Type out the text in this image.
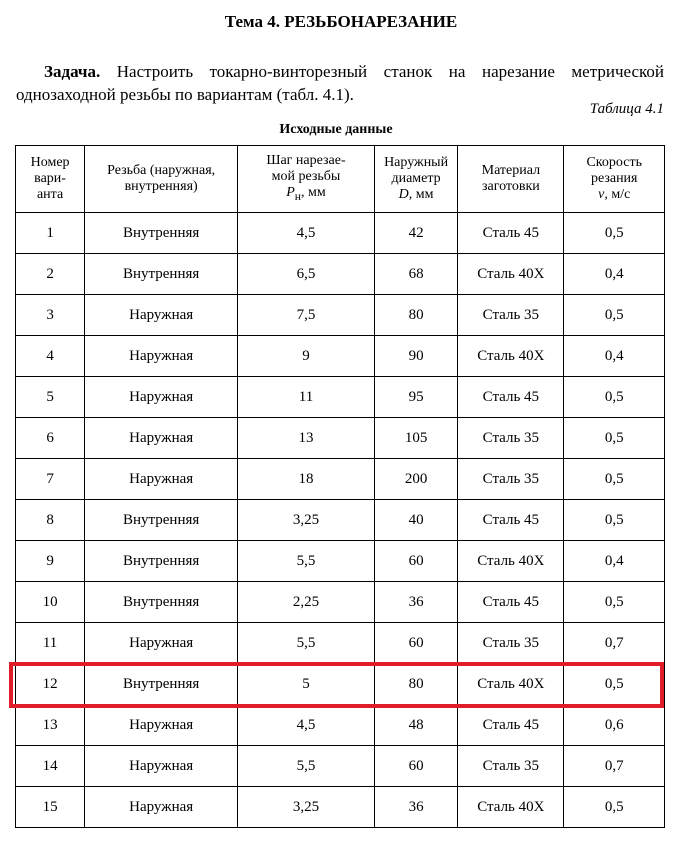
Тема 4. РЕЗЬБОНАРЕЗАНИЕ
Задача. Настроить токарно-винторезный станок на нарезание метрической
однозаходной резьбы по вариантам (табл. 4.1).
Таблица 4.1
Исходные данные
Номер
вари-
анта	Резьба (наружная,
внутренняя)	Шаг нарезае-
мой резьбы
$P_н$, мм	Наружный
диаметр
D, мм	Материал
заготовки	Скорость
резания
v, м/с
1	Внутренняя	4,5	42	Сталь 45	0,5
2	Внутренняя	6,5	68	Сталь 40Х	0,4
3	Наружная	7,5	80	Сталь 35	0,5
4	Наружная	9	90	Сталь 40Х	0,4
5	Наружная	11	95	Сталь 45	0,5
6	Наружная	13	105	Сталь 35	0,5
7	Наружная	18	200	Сталь 35	0,5
8	Внутренняя	3,25	40	Сталь 45	0,5
9	Внутренняя	5,5	60	Сталь 40Х	0,4
10	Внутренняя	2,25	36	Сталь 45	0,5
11	Наружная	5,5	60	Сталь 35	0,7
12	Внутренняя	5	80	Сталь 40Х	0,5
13	Наружная	4,5	48	Сталь 45	0,6
14	Наружная	5,5	60	Сталь 35	0,7
15	Наружная	3,25	36	Сталь 40Х	0,5
